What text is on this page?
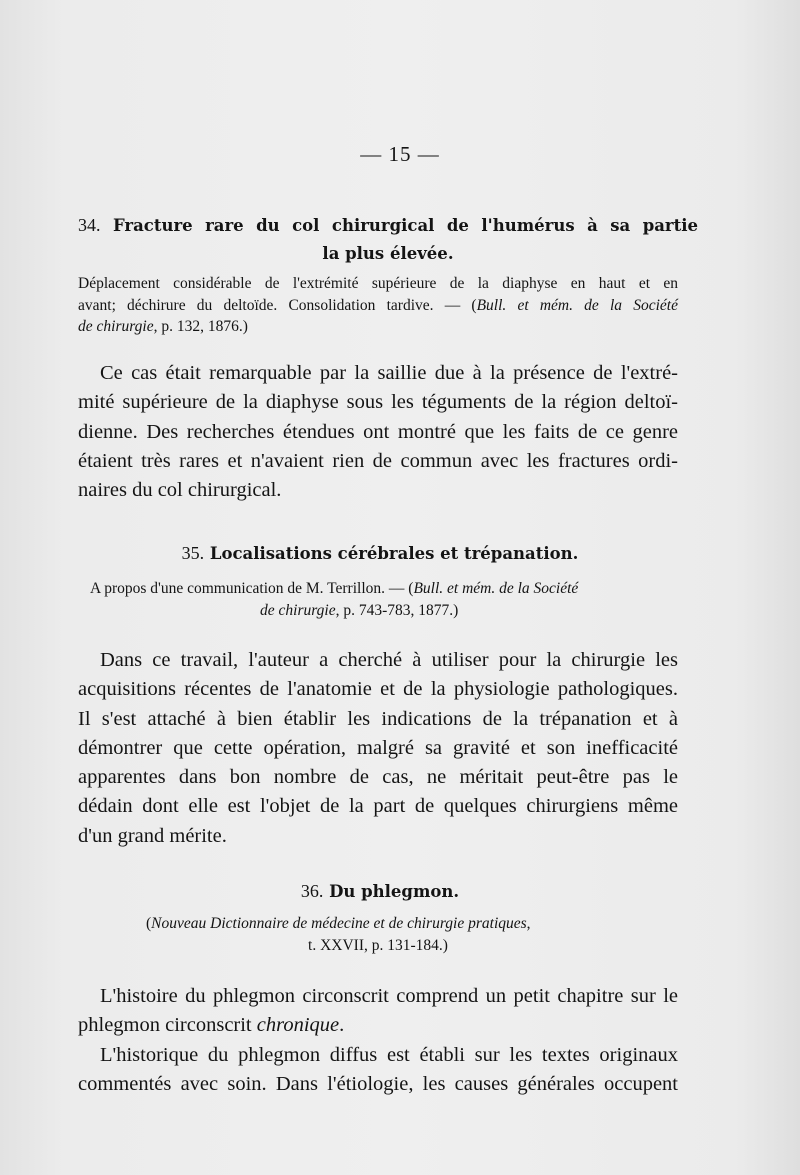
— 15 —
34. Fracture rare du col chirurgical de l'humérus à sa partie
la plus élevée.
Déplacement considérable de l'extrémité supérieure de la diaphyse en haut et en
avant; déchirure du deltoïde. Consolidation tardive. — (Bull. et mém. de la Société
de chirurgie, p. 132, 1876.)
Ce cas était remarquable par la saillie due à la présence de l'extré-
mité supérieure de la diaphyse sous les téguments de la région deltoï-
dienne. Des recherches étendues ont montré que les faits de ce genre
étaient très rares et n'avaient rien de commun avec les fractures ordi-
naires du col chirurgical.
35. Localisations cérébrales et trépanation.
A propos d'une communication de M. Terrillon. — (Bull. et mém. de la Société
de chirurgie, p. 743-783, 1877.)
Dans ce travail, l'auteur a cherché à utiliser pour la chirurgie les
acquisitions récentes de l'anatomie et de la physiologie pathologiques.
Il s'est attaché à bien établir les indications de la trépanation et à
démontrer que cette opération, malgré sa gravité et son inefficacité
apparentes dans bon nombre de cas, ne méritait peut-être pas le
dédain dont elle est l'objet de la part de quelques chirurgiens même
d'un grand mérite.
36. Du phlegmon.
(Nouveau Dictionnaire de médecine et de chirurgie pratiques,
t. XXVII, p. 131-184.)
L'histoire du phlegmon circonscrit comprend un petit chapitre sur le
phlegmon circonscrit chronique.
L'historique du phlegmon diffus est établi sur les textes originaux
commentés avec soin. Dans l'étiologie, les causes générales occupent
